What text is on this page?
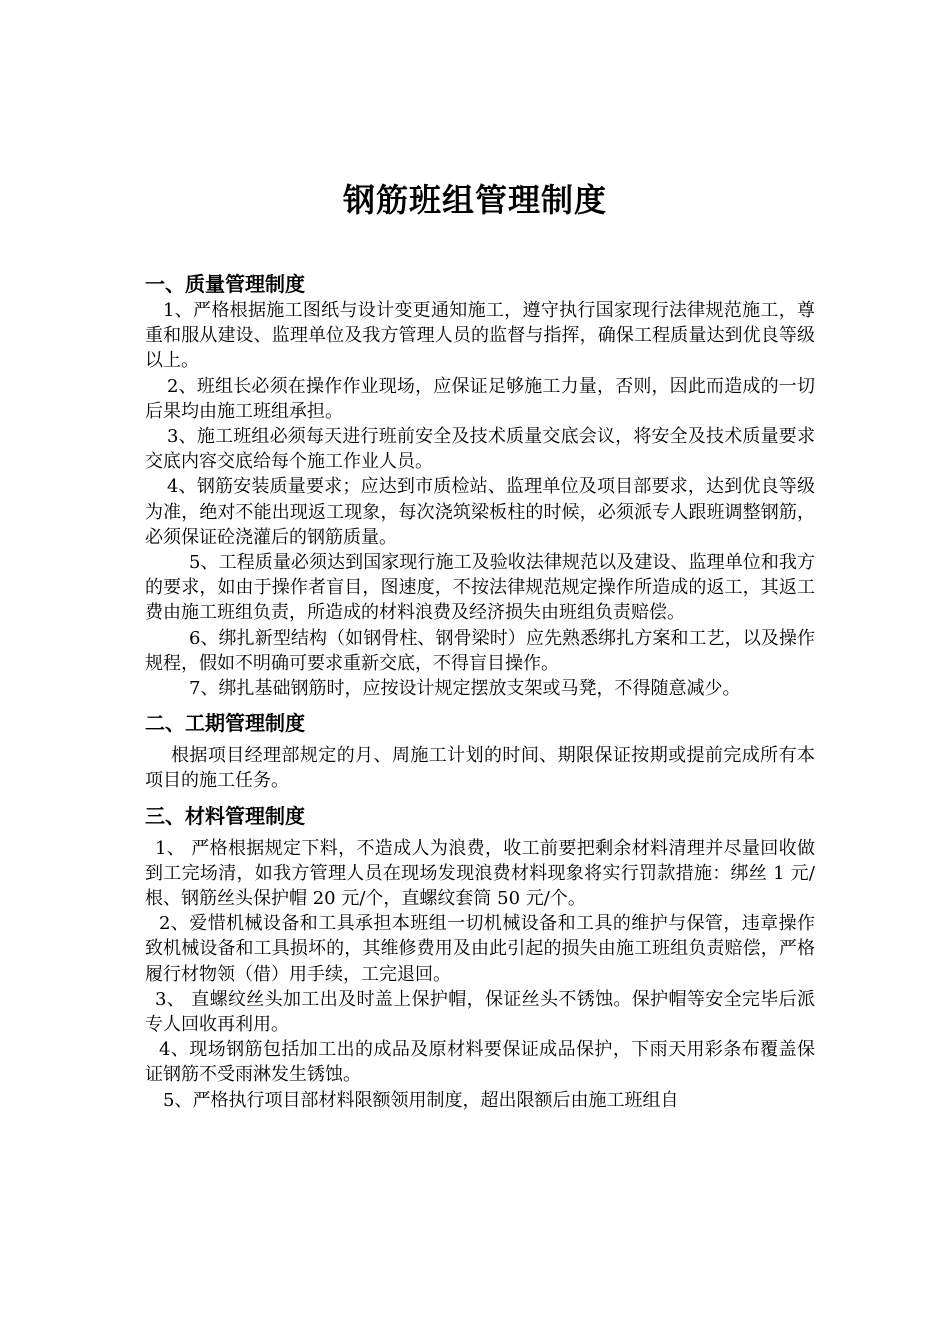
钢筋班组管理制度

一、质量管理制度

1、严格根据施工图纸与设计变更通知施工，遵守执行国家现行法律规范施工，尊重和服从建设、监理单位及我方管理人员的监督与指挥，确保工程质量达到优良等级以上。

2、班组长必须在操作作业现场，应保证足够施工力量，否则，因此而造成的一切后果均由施工班组承担。

3、施工班组必须每天进行班前安全及技术质量交底会议，将安全及技术质量要求交底内容交底给每个施工作业人员。

4、钢筋安装质量要求；应达到市质检站、监理单位及项目部要求，达到优良等级为准，绝对不能出现返工现象，每次浇筑梁板柱的时候，必须派专人跟班调整钢筋，必须保证砼浇灌后的钢筋质量。

5、工程质量必须达到国家现行施工及验收法律规范以及建设、监理单位和我方的要求，如由于操作者盲目，图速度，不按法律规范规定操作所造成的返工，其返工费由施工班组负责，所造成的材料浪费及经济损失由班组负责赔偿。

6、绑扎新型结构（如钢骨柱、钢骨梁时）应先熟悉绑扎方案和工艺，以及操作规程，假如不明确可要求重新交底，不得盲目操作。

7、绑扎基础钢筋时，应按设计规定摆放支架或马凳，不得随意减少。

二、工期管理制度

根据项目经理部规定的月、周施工计划的时间、期限保证按期或提前完成所有本项目的施工任务。

三、材料管理制度

1、 严格根据规定下料，不造成人为浪费，收工前要把剩余材料清理并尽量回收做到工完场清，如我方管理人员在现场发现浪费材料现象将实行罚款措施：绑丝 1 元/根、钢筋丝头保护帽 20 元/个，直螺纹套筒 50 元/个。

2、爱惜机械设备和工具承担本班组一切机械设备和工具的维护与保管，违章操作致机械设备和工具损坏的，其维修费用及由此引起的损失由施工班组负责赔偿，严格履行材物领（借）用手续，工完退回。

3、 直螺纹丝头加工出及时盖上保护帽，保证丝头不锈蚀。保护帽等安全完毕后派专人回收再利用。

4、现场钢筋包括加工出的成品及原材料要保证成品保护，下雨天用彩条布覆盖保证钢筋不受雨淋发生锈蚀。

5、严格执行项目部材料限额领用制度，超出限额后由施工班组自
